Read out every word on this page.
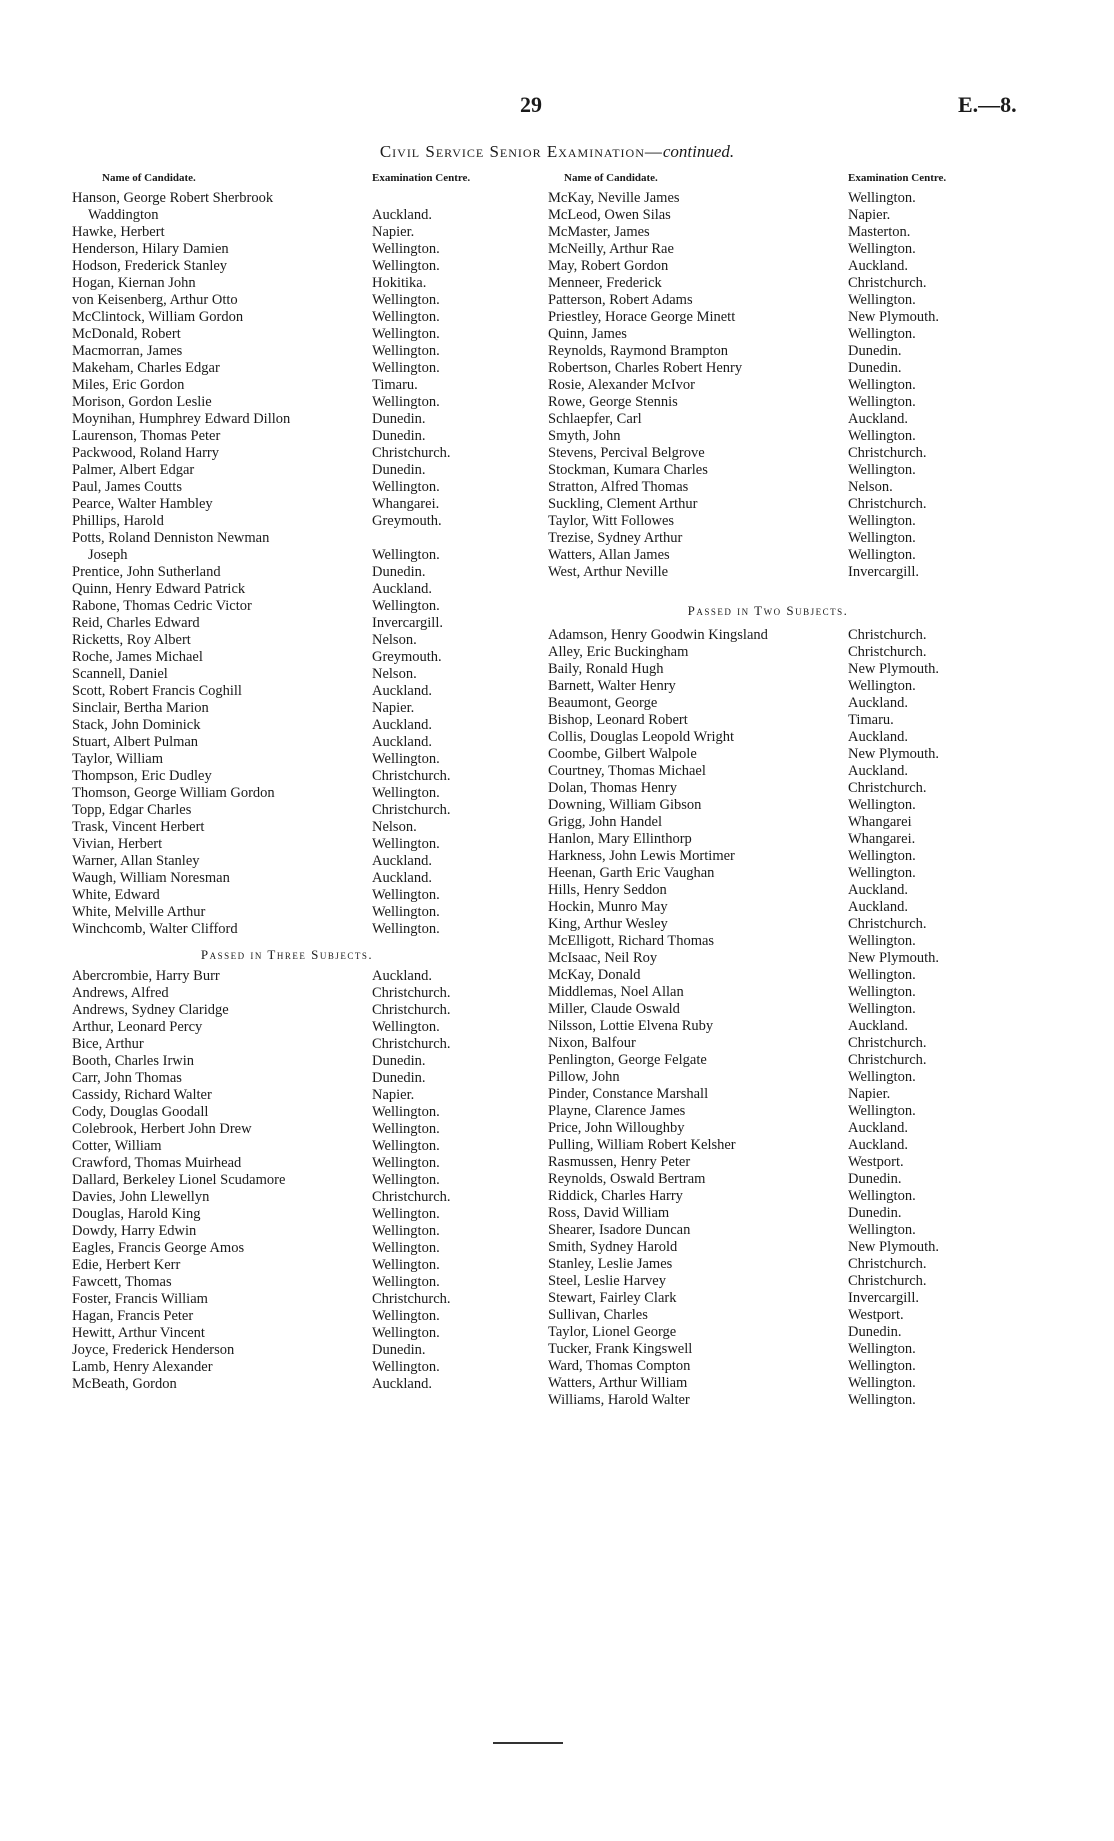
29	E.—8.
Civil Service Senior Examination—continued.
Name of Candidate.	Examination Centre.
Hanson, George Robert Sherbrook
Waddington	Auckland.
Hawke, Herbert	Napier.
Henderson, Hilary Damien	Wellington.
Hodson, Frederick Stanley	Wellington.
Hogan, Kiernan John	Hokitika.
von Keisenberg, Arthur Otto	Wellington.
McClintock, William Gordon	Wellington.
McDonald, Robert	Wellington.
Macmorran, James	Wellington.
Makeham, Charles Edgar	Wellington.
Miles, Eric Gordon	Timaru.
Morison, Gordon Leslie	Wellington.
Moynihan, Humphrey Edward Dillon	Dunedin.
Laurenson, Thomas Peter	Dunedin.
Packwood, Roland Harry	Christchurch.
Palmer, Albert Edgar	Dunedin.
Paul, James Coutts	Wellington.
Pearce, Walter Hambley	Whangarei.
Phillips, Harold	Greymouth.
Potts, Roland Denniston Newman
Joseph	Wellington.
Prentice, John Sutherland	Dunedin.
Quinn, Henry Edward Patrick	Auckland.
Rabone, Thomas Cedric Victor	Wellington.
Reid, Charles Edward	Invercargill.
Ricketts, Roy Albert	Nelson.
Roche, James Michael	Greymouth.
Scannell, Daniel	Nelson.
Scott, Robert Francis Coghill	Auckland.
Sinclair, Bertha Marion	Napier.
Stack, John Dominick	Auckland.
Stuart, Albert Pulman	Auckland.
Taylor, William	Wellington.
Thompson, Eric Dudley	Christchurch.
Thomson, George William Gordon	Wellington.
Topp, Edgar Charles	Christchurch.
Trask, Vincent Herbert	Nelson.
Vivian, Herbert	Wellington.
Warner, Allan Stanley	Auckland.
Waugh, William Noresman	Auckland.
White, Edward	Wellington.
White, Melville Arthur	Wellington.
Winchcomb, Walter Clifford	Wellington.
Passed in Three Subjects.
Abercrombie, Harry Burr	Auckland.
Andrews, Alfred	Christchurch.
Andrews, Sydney Claridge	Christchurch.
Arthur, Leonard Percy	Wellington.
Bice, Arthur	Christchurch.
Booth, Charles Irwin	Dunedin.
Carr, John Thomas	Dunedin.
Cassidy, Richard Walter	Napier.
Cody, Douglas Goodall	Wellington.
Colebrook, Herbert John Drew	Wellington.
Cotter, William	Wellington.
Crawford, Thomas Muirhead	Wellington.
Dallard, Berkeley Lionel Scudamore	Wellington.
Davies, John Llewellyn	Christchurch.
Douglas, Harold King	Wellington.
Dowdy, Harry Edwin	Wellington.
Eagles, Francis George Amos	Wellington.
Edie, Herbert Kerr	Wellington.
Fawcett, Thomas	Wellington.
Foster, Francis William	Christchurch.
Hagan, Francis Peter	Wellington.
Hewitt, Arthur Vincent	Wellington.
Joyce, Frederick Henderson	Dunedin.
Lamb, Henry Alexander	Wellington.
McBeath, Gordon	Auckland.
Name of Candidate.	Examination Centre.
McKay, Neville James	Wellington.
McLeod, Owen Silas	Napier.
McMaster, James	Masterton.
McNeilly, Arthur Rae	Wellington.
May, Robert Gordon	Auckland.
Menneer, Frederick	Christchurch.
Patterson, Robert Adams	Wellington.
Priestley, Horace George Minett	New Plymouth.
Quinn, James	Wellington.
Reynolds, Raymond Brampton	Dunedin.
Robertson, Charles Robert Henry	Dunedin.
Rosie, Alexander McIvor	Wellington.
Rowe, George Stennis	Wellington.
Schlaepfer, Carl	Auckland.
Smyth, John	Wellington.
Stevens, Percival Belgrove	Christchurch.
Stockman, Kumara Charles	Wellington.
Stratton, Alfred Thomas	Nelson.
Suckling, Clement Arthur	Christchurch.
Taylor, Witt Followes	Wellington.
Trezise, Sydney Arthur	Wellington.
Watters, Allan James	Wellington.
West, Arthur Neville	Invercargill.
Passed in Two Subjects.
Adamson, Henry Goodwin Kingsland	Christchurch.
Alley, Eric Buckingham	Christchurch.
Baily, Ronald Hugh	New Plymouth.
Barnett, Walter Henry	Wellington.
Beaumont, George	Auckland.
Bishop, Leonard Robert	Timaru.
Collis, Douglas Leopold Wright	Auckland.
Coombe, Gilbert Walpole	New Plymouth.
Courtney, Thomas Michael	Auckland.
Dolan, Thomas Henry	Christchurch.
Downing, William Gibson	Wellington.
Grigg, John Handel	Whangarei
Hanlon, Mary Ellinthorp	Whangarei.
Harkness, John Lewis Mortimer	Wellington.
Heenan, Garth Eric Vaughan	Wellington.
Hills, Henry Seddon	Auckland.
Hockin, Munro May	Auckland.
King, Arthur Wesley	Christchurch.
McElligott, Richard Thomas	Wellington.
McIsaac, Neil Roy	New Plymouth.
McKay, Donald	Wellington.
Middlemas, Noel Allan	Wellington.
Miller, Claude Oswald	Wellington.
Nilsson, Lottie Elvena Ruby	Auckland.
Nixon, Balfour	Christchurch.
Penlington, George Felgate	Christchurch.
Pillow, John	Wellington.
Pinder, Constance Marshall	Napier.
Playne, Clarence James	Wellington.
Price, John Willoughby	Auckland.
Pulling, William Robert Kelsher	Auckland.
Rasmussen, Henry Peter	Westport.
Reynolds, Oswald Bertram	Dunedin.
Riddick, Charles Harry	Wellington.
Ross, David William	Dunedin.
Shearer, Isadore Duncan	Wellington.
Smith, Sydney Harold	New Plymouth.
Stanley, Leslie James	Christchurch.
Steel, Leslie Harvey	Christchurch.
Stewart, Fairley Clark	Invercargill.
Sullivan, Charles	Westport.
Taylor, Lionel George	Dunedin.
Tucker, Frank Kingswell	Wellington.
Ward, Thomas Compton	Wellington.
Watters, Arthur William	Wellington.
Williams, Harold Walter	Wellington.
